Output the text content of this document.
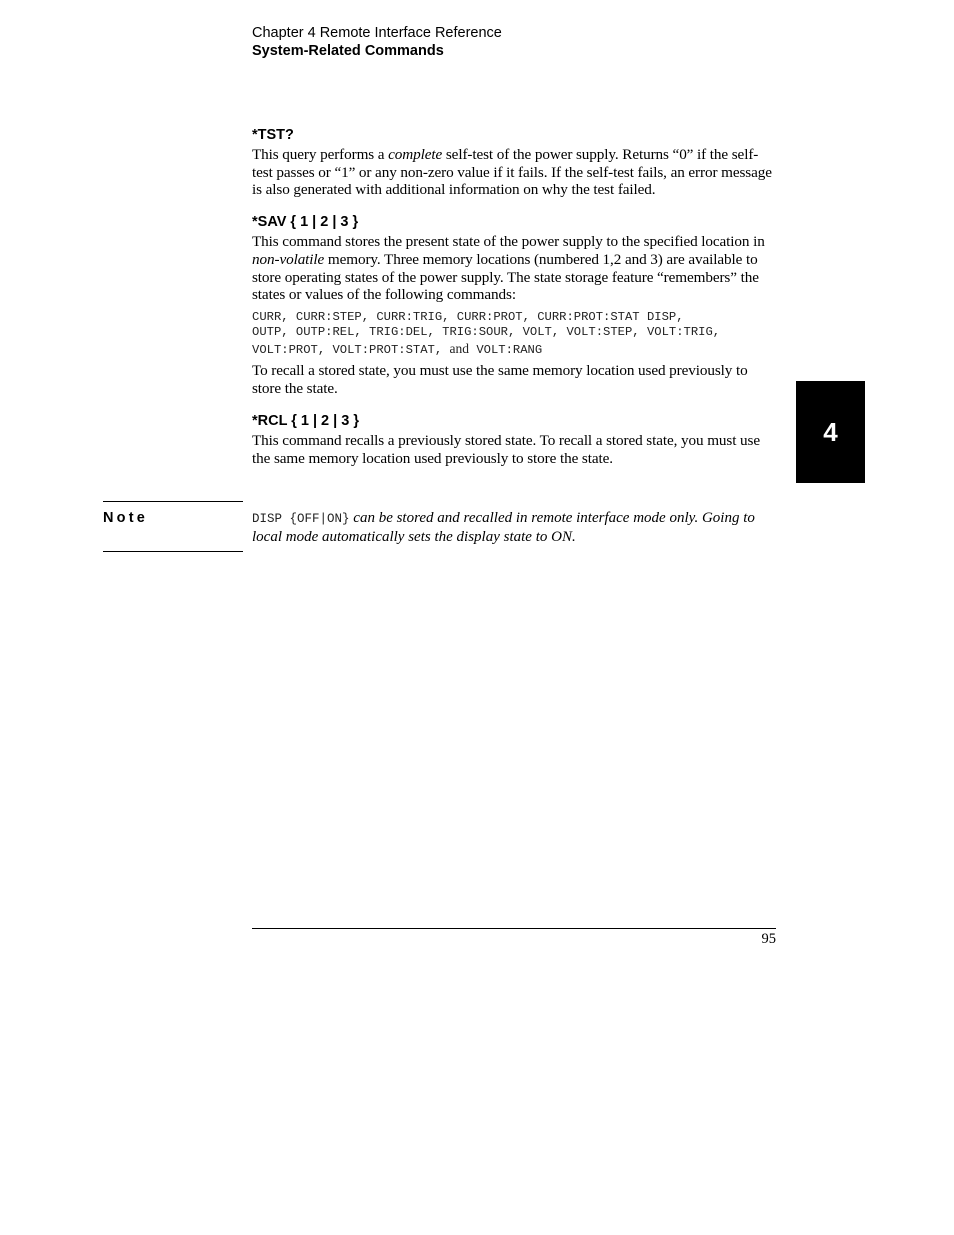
Chapter 4 Remote Interface Reference
System-Related Commands
*TST?

This query performs a complete self-test of the power supply. Returns “0” if the self-test passes or “1” or any non-zero value if it fails. If the self-test fails, an error message is also generated with additional information on why the test failed.

*SAV { 1 | 2 | 3 }

This command stores the present state of the power supply to the specified location in non-volatile memory. Three memory locations (numbered 1,2 and 3) are available to store operating states of the power supply. The state storage feature “remembers” the states or values of the following commands:

CURR, CURR:STEP, CURR:TRIG, CURR:PROT, CURR:PROT:STAT DISP,
OUTP, OUTP:REL, TRIG:DEL, TRIG:SOUR, VOLT, VOLT:STEP, VOLT:TRIG,
VOLT:PROT, VOLT:PROT:STAT, and VOLT:RANG

To recall a stored state, you must use the same memory location used previously to store the state.

*RCL { 1 | 2 | 3 }

This command recalls a previously stored state. To recall a stored state, you must use the same memory location used previously to store the state.

Note	DISP {OFF|ON} can be stored and recalled in remote interface mode only. Going to local mode automatically sets the display state to ON.
4
95
